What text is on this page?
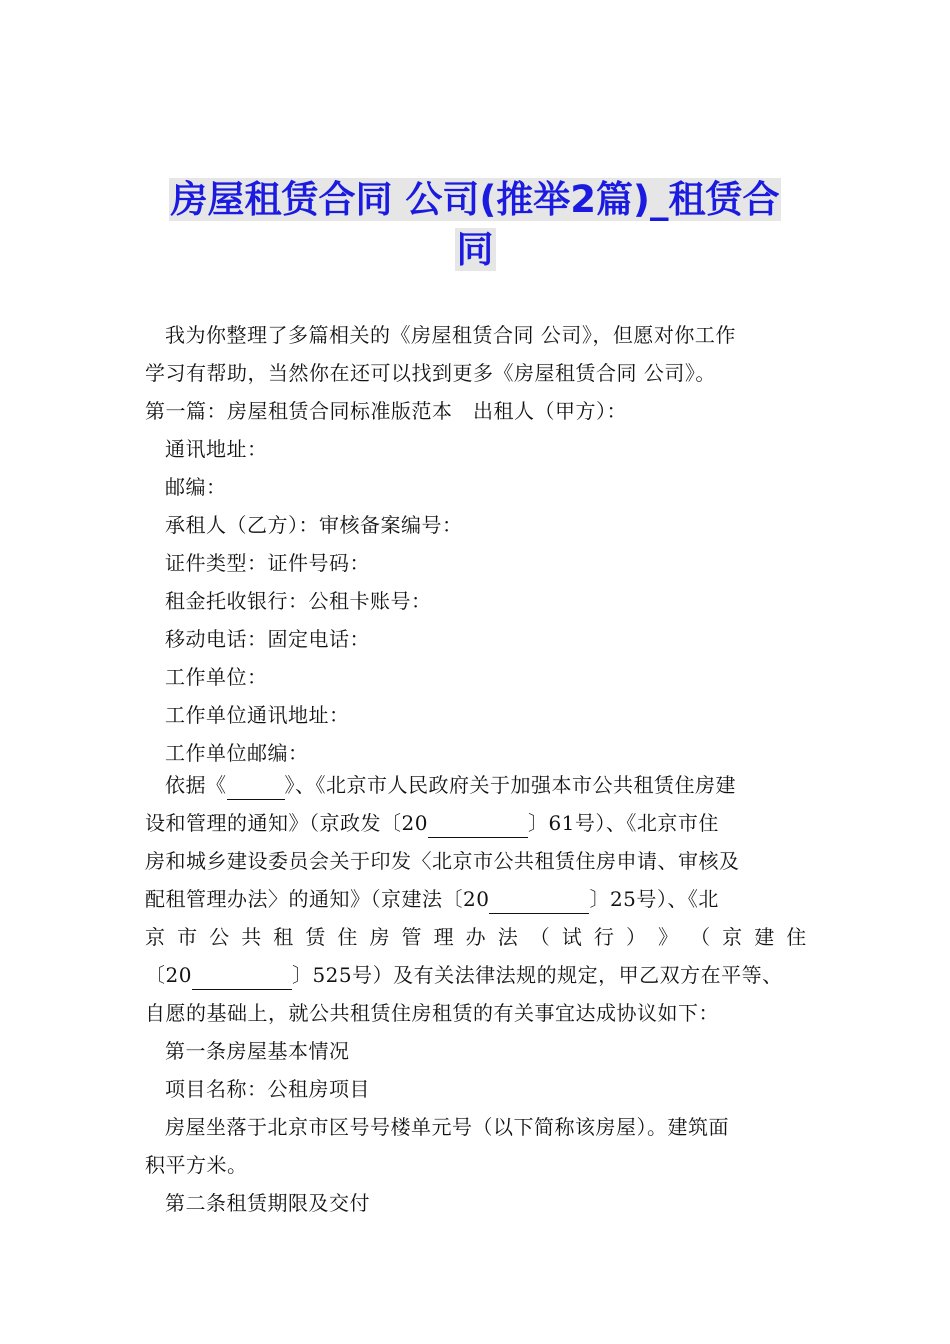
房屋租赁合同 公司(推举2篇)_租赁合
同
我为你整理了多篇相关的《房屋租赁合同 公司》，但愿对你工作
学习有帮助，当然你在还可以找到更多《房屋租赁合同 公司》。
第一篇：房屋租赁合同标准版范本　出租人（甲方）：
通讯地址：
邮编：
承租人（乙方）：审核备案编号：
证件类型：证件号码：
租金托收银行：公租卡账号：
移动电话：固定电话：
工作单位：
工作单位通讯地址：
工作单位邮编：
依据《	》、《北京市人民政府关于加强本市公共租赁住房建
设和管理的通知》（京政发〔20	〕61号）、《北京市住
房和城乡建设委员会关于印发〈北京市公共租赁住房申请、审核及
配租管理办法〉的通知》（京建法〔20	〕25号）、《北
京 市 公 共 租 赁 住 房 管 理 办 法 （ 试 行 ） 》 （ 京 建 住
〔20	〕525号）及有关法律法规的规定，甲乙双方在平等、
自愿的基础上，就公共租赁住房租赁的有关事宜达成协议如下：
第一条房屋基本情况
项目名称：公租房项目
房屋坐落于北京市区号号楼单元号（以下简称该房屋）。建筑面
积平方米。
第二条租赁期限及交付
